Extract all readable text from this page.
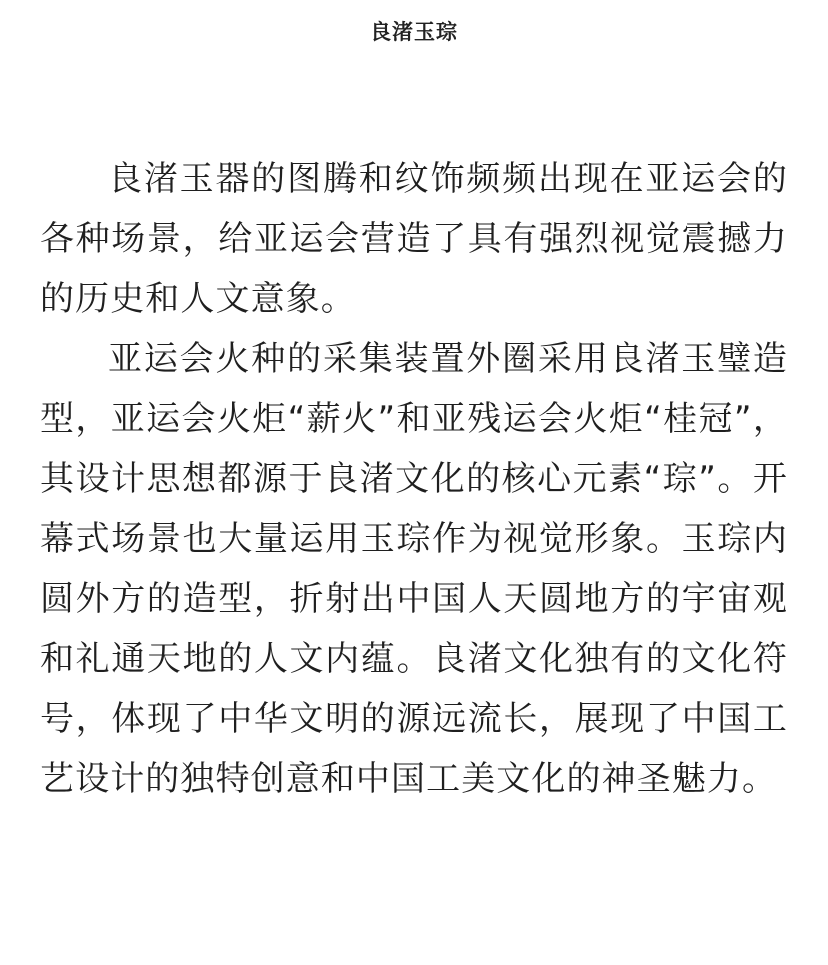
良渚玉琮

良渚玉器的图腾和纹饰频频出现在亚运会的各种场景，给亚运会营造了具有强烈视觉震撼力的历史和人文意象。

亚运会火种的采集装置外圈采用良渚玉璧造型，亚运会火炬“薪火”和亚残运会火炬“桂冠”，其设计思想都源于良渚文化的核心元素“琮”。开幕式场景也大量运用玉琮作为视觉形象。玉琮内圆外方的造型，折射出中国人天圆地方的宇宙观和礼通天地的人文内蕴。良渚文化独有的文化符号，体现了中华文明的源远流长，展现了中国工艺设计的独特创意和中国工美文化的神圣魅力。
